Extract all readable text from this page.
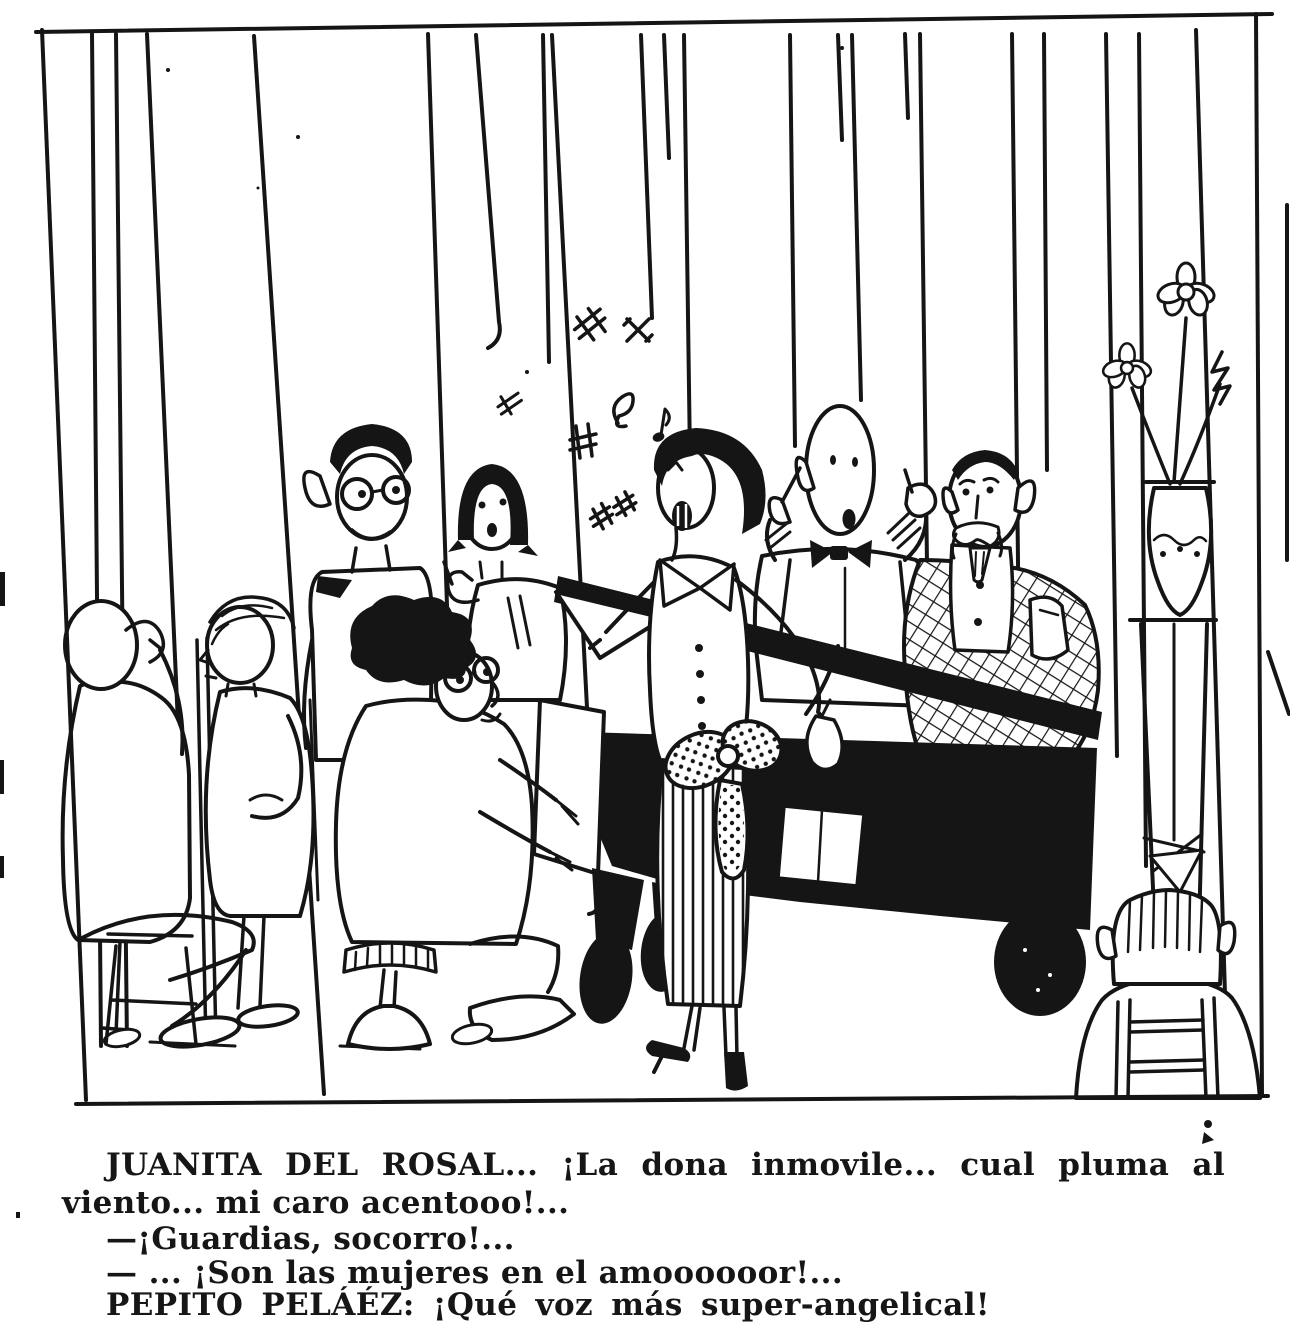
JUANITA DEL ROSAL... ¡La dona inmovile... cual pluma al
viento... mi caro acentooo!...
—¡Guardias, socorro!...
— ... ¡Son las mujeres en el amoooooor!...
PEPITO PELÁÉZ: ¡Qué voz más super-angelical!
